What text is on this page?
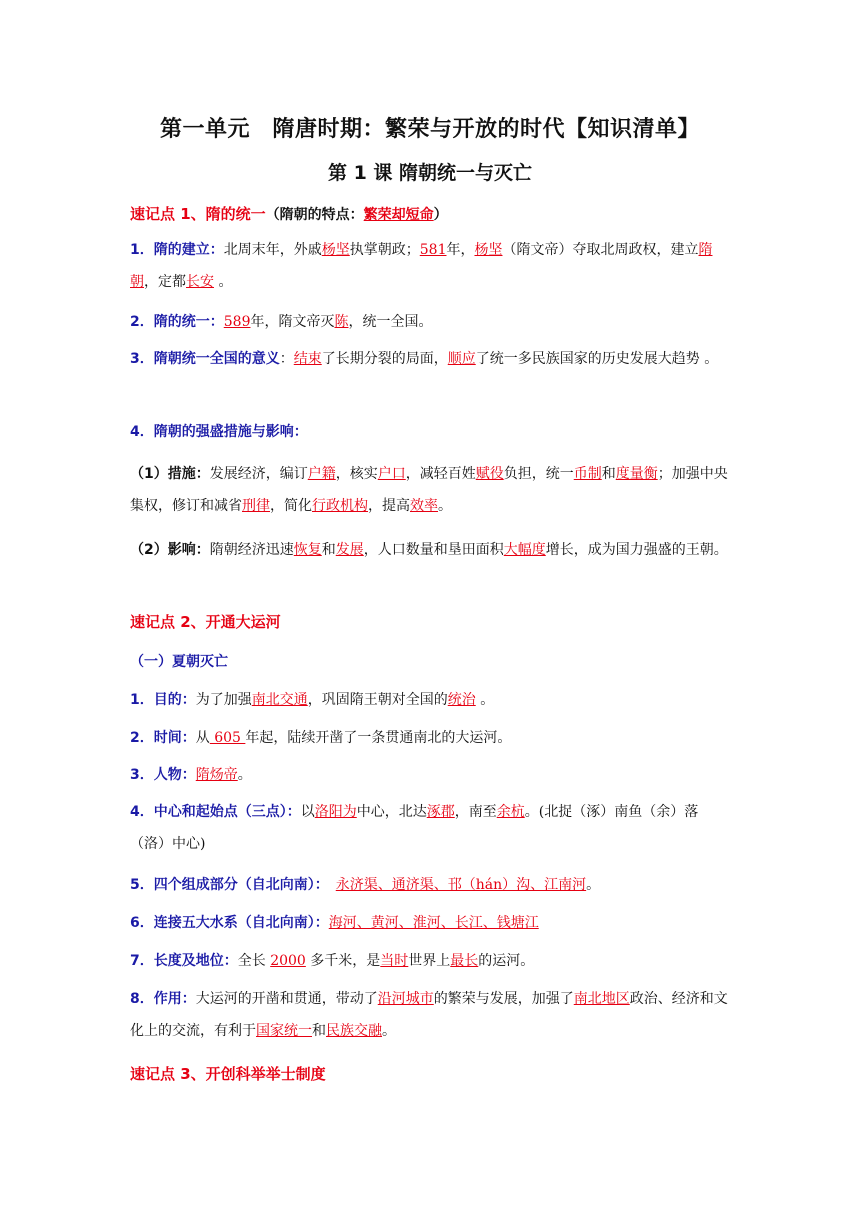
第一单元　隋唐时期：繁荣与开放的时代【知识清单】
第 1 课 隋朝统一与灭亡
速记点 1、隋的统一（隋朝的特点：繁荣却短命）
1．隋的建立：北周末年，外戚杨坚执掌朝政；581年，杨坚（隋文帝）夺取北周政权，建立隋朝，定都长安 。
2．隋的统一：589年，隋文帝灭陈，统一全国。
3．隋朝统一全国的意义：结束了长期分裂的局面，顺应了统一多民族国家的历史发展大趋势 。
4．隋朝的强盛措施与影响：
（1）措施：发展经济，编订户籍，核实户口，减轻百姓赋役负担，统一币制和度量衡；加强中央集权，修订和减省刑律，简化行政机构，提高效率。
（2）影响：隋朝经济迅速恢复和发展，人口数量和垦田面积大幅度增长，成为国力强盛的王朝。
速记点 2、开通大运河
（一）夏朝灭亡
1．目的：为了加强南北交通，巩固隋王朝对全国的统治 。
2．时间：从 605 年起，陆续开凿了一条贯通南北的大运河。
3．人物：隋炀帝。
4．中心和起始点（三点）：以洛阳为中心，北达涿郡，南至余杭。(北捉（涿）南鱼（余）落（洛）中心)
5．四个组成部分（自北向南）：　 永济渠、通济渠、邗（hán）沟、江南河。
6．连接五大水系（自北向南）：海河、黄河、淮河、长江、钱塘江
7．长度及地位：全长 2000 多千米，是当时世界上最长的运河。
8．作用：大运河的开凿和贯通，带动了沿河城市的繁荣与发展，加强了南北地区政治、经济和文化上的交流，有利于国家统一和民族交融。
速记点 3、开创科举举士制度
